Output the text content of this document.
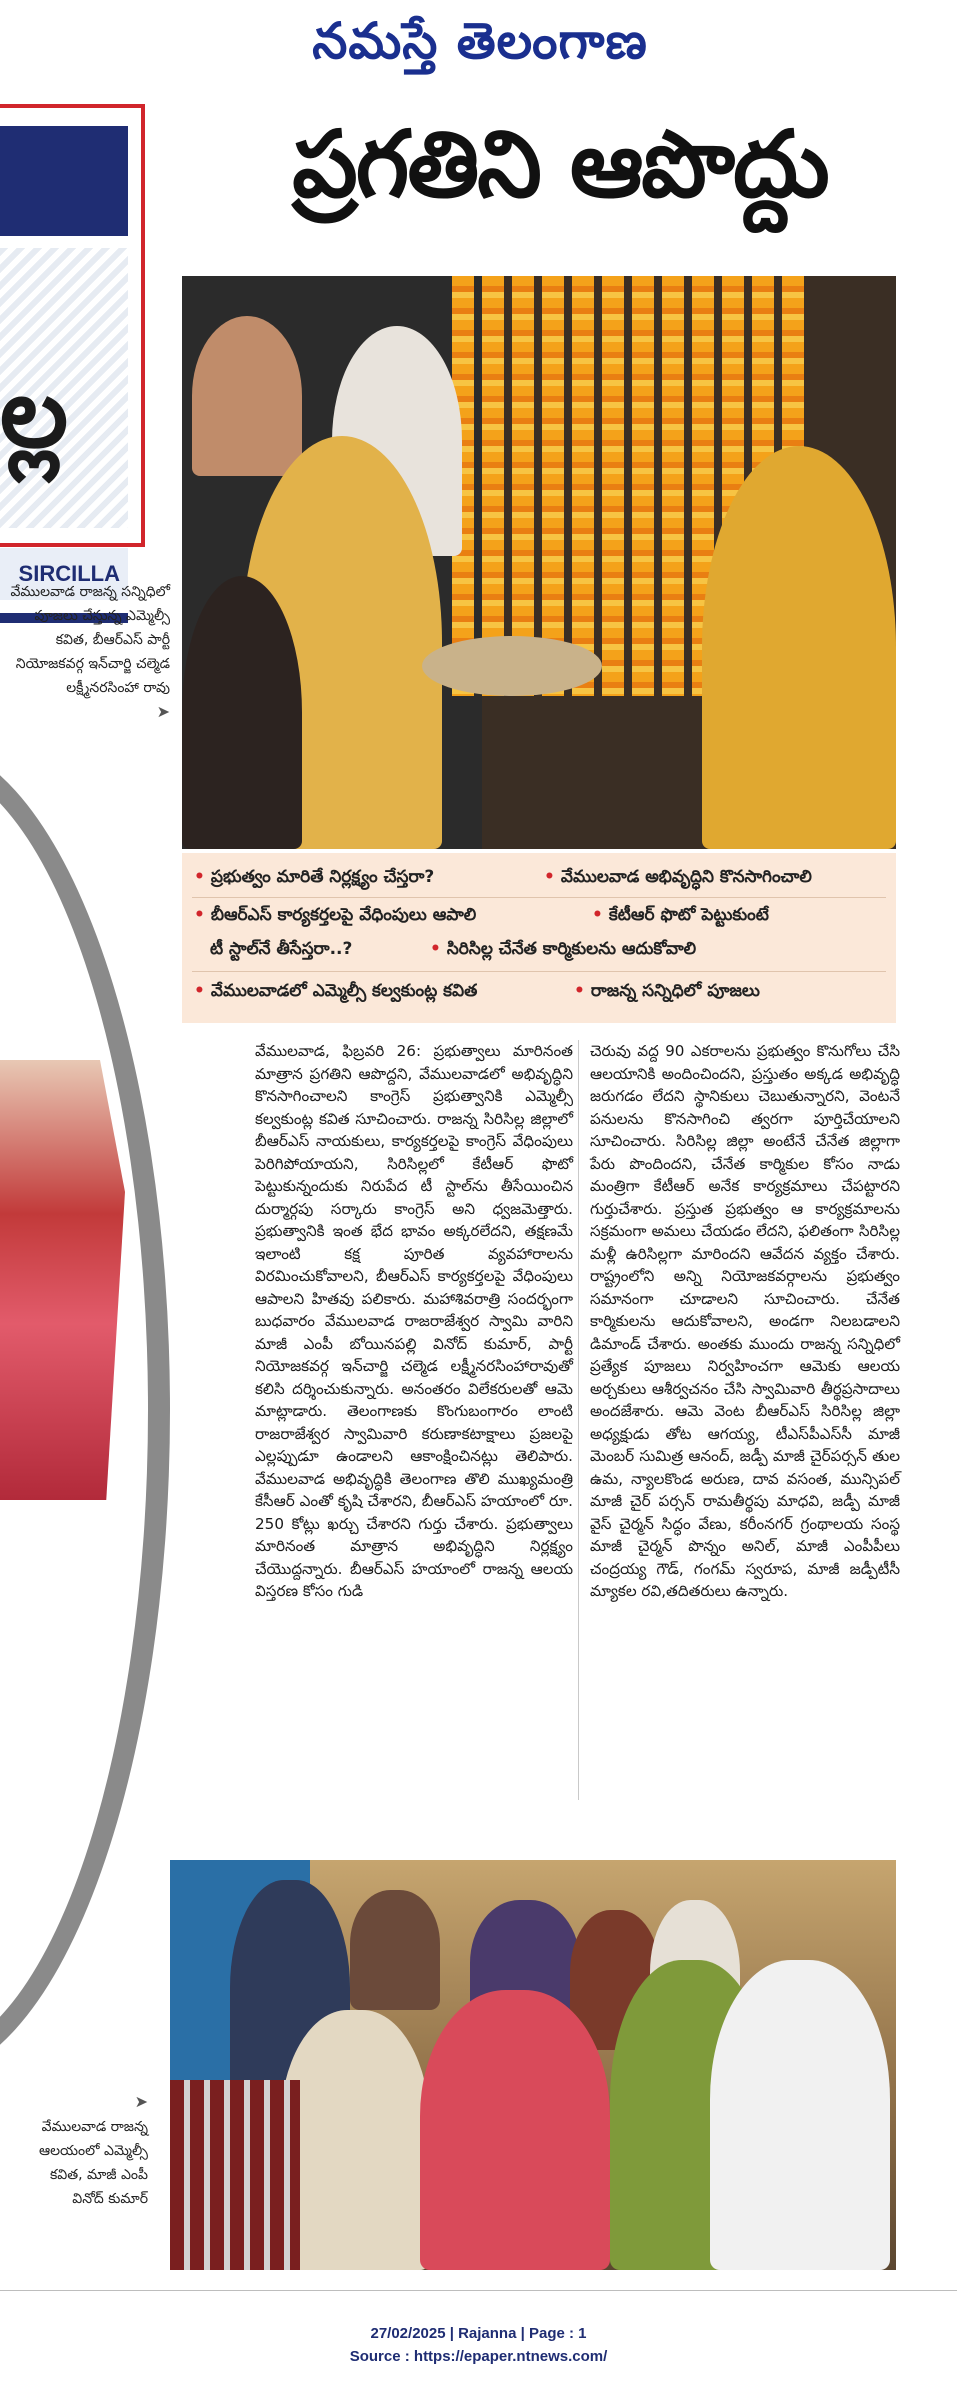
నమస్తే తెలంగాణ
ప్రగతిని ఆపొద్దు
ల్ల
SIRCILLA
వేములవాడ రాజన్న సన్నిధిలో పూజలు చేస్తున్న ఎమ్మెల్సీ కవిత, బీఆర్‌ఎస్‌ పార్టీ నియోజకవర్గ ఇన్‌చార్జి చల్మెడ లక్ష్మీనరసింహా రావు
➤
• ప్రభుత్వం మారితే నిర్లక్ష్యం చేస్తరా?	• వేములవాడ అభివృద్ధిని కొనసాగించాలి
• బీఆర్‌ఎస్‌ కార్యకర్తలపై వేధింపులు ఆపాలి	• కేటీఆర్‌ ఫొటో పెట్టుకుంటే
టీ స్టాల్‌నే తీసేస్తరా..?	• సిరిసిల్ల చేనేత కార్మికులను ఆదుకోవాలి
• వేములవాడలో ఎమ్మెల్సీ కల్వకుంట్ల కవిత	• రాజన్న సన్నిధిలో పూజలు
వేములవాడ, ఫిబ్రవరి 26: ప్రభుత్వాలు మారినంత మాత్రాన ప్రగతిని ఆపొద్దని, వేములవాడలో అభివృద్ధిని కొనసాగించాలని కాంగ్రెస్‌ ప్రభుత్వానికి ఎమ్మెల్సీ కల్వకుంట్ల కవిత సూచించారు. రాజన్న సిరిసిల్ల జిల్లాలో బీఆర్‌ఎస్‌ నాయకులు, కార్యకర్తలపై కాంగ్రెస్‌ వేధింపులు పెరిగిపోయాయని, సిరిసిల్లలో కేటీఆర్‌ ఫొటో పెట్టుకున్నందుకు నిరుపేద టీ స్టాల్‌ను తీసేయించిన దుర్మార్గపు సర్కారు కాంగ్రెస్‌ అని ధ్వజమెత్తారు. ప్రభుత్వానికి ఇంత భేద భావం అక్కరలేదని, తక్షణమే ఇలాంటి కక్ష పూరిత వ్యవహారాలను విరమించుకోవాలని, బీఆర్‌ఎస్‌ కార్యకర్తలపై వేధింపులు ఆపాలని హితవు పలికారు. మహాశివరాత్రి సందర్భంగా బుధవారం వేములవాడ రాజరాజేశ్వర స్వామి వారిని మాజీ ఎంపీ బోయినపల్లి వినోద్‌ కుమార్‌, పార్టీ నియోజకవర్గ ఇన్‌చార్జి చల్మెడ లక్ష్మీనరసింహారావుతో కలిసి దర్శించుకున్నారు. అనంతరం విలేకరులతో ఆమె మాట్లాడారు. తెలంగాణకు కొంగుబంగారం లాంటి రాజరాజేశ్వర స్వామివారి కరుణాకటాక్షాలు ప్రజలపై ఎల్లప్పుడూ ఉండాలని ఆకాంక్షించినట్లు తెలిపారు. వేములవాడ అభివృద్ధికి తెలంగాణ తొలి ముఖ్యమంత్రి కేసీఆర్‌ ఎంతో కృషి చేశారని, బీఆర్‌ఎస్‌ హయాంలో రూ. 250 కోట్లు ఖర్చు చేశారని గుర్తు చేశారు. ప్రభుత్వాలు మారినంత మాత్రాన అభివృద్ధిని నిర్లక్ష్యం చేయొద్దన్నారు. బీఆర్‌ఎస్‌ హయాంలో రాజన్న ఆలయ విస్తరణ కోసం గుడి
చెరువు వద్ద 90 ఎకరాలను ప్రభుత్వం కొనుగోలు చేసి ఆలయానికి అందించిందని, ప్రస్తుతం అక్కడ అభివృద్ధి జరుగడం లేదని స్థానికులు చెబుతున్నారని, వెంటనే పనులను కొనసాగించి త్వరగా పూర్తిచేయాలని సూచించారు. సిరిసిల్ల జిల్లా అంటేనే చేనేత జిల్లాగా పేరు పొందిందని, చేనేత కార్మికుల కోసం నాడు మంత్రిగా కేటీఆర్‌ అనేక కార్యక్రమాలు చేపట్టారని గుర్తుచేశారు. ప్రస్తుత ప్రభుత్వం ఆ కార్యక్రమాలను సక్రమంగా అమలు చేయడం లేదని, ఫలితంగా సిరిసిల్ల మళ్లీ ఉరిసిల్లగా మారిందని ఆవేదన వ్యక్తం చేశారు. రాష్ట్రంలోని అన్ని నియోజకవర్గాలను ప్రభుత్వం సమానంగా చూడాలని సూచించారు. చేనేత కార్మికులను ఆదుకోవాలని, అండగా నిలబడాలని డిమాండ్‌ చేశారు. అంతకు ముందు రాజన్న సన్నిధిలో ప్రత్యేక పూజలు నిర్వహించగా ఆమెకు ఆలయ అర్చకులు ఆశీర్వచనం చేసి స్వామివారి తీర్థప్రసాదాలు అందజేశారు. ఆమె వెంట బీఆర్‌ఎస్‌ సిరిసిల్ల జిల్లా అధ్యక్షుడు తోట ఆగయ్య, టీఎస్‌పీఎస్‌సీ మాజీ మెంబర్‌ సుమిత్ర ఆనంద్‌, జడ్పీ మాజీ చైర్‌పర్సన్‌ తుల ఉమ, న్యాలకొండ అరుణ, దావ వసంత, మున్సిపల్‌ మాజీ చైర్‌ పర్సన్‌ రామతీర్థపు మాధవి, జడ్పీ మాజీ వైస్‌ చైర్మన్‌ సిద్ధం వేణు, కరీంనగర్‌ గ్రంథాలయ సంస్థ మాజీ చైర్మన్‌ పొన్నం అనిల్‌, మాజీ ఎంపీపీలు చంద్రయ్య గౌడ్‌, గంగమ్‌ స్వరూప, మాజీ జడ్పీటీసీ మ్యాకల రవి,తదితరులు ఉన్నారు.
➤
వేములవాడ రాజన్న ఆలయంలో ఎమ్మెల్సీ కవిత, మాజీ ఎంపీ వినోద్‌ కుమార్‌
27/02/2025 | Rajanna | Page : 1
Source : https://epaper.ntnews.com/
